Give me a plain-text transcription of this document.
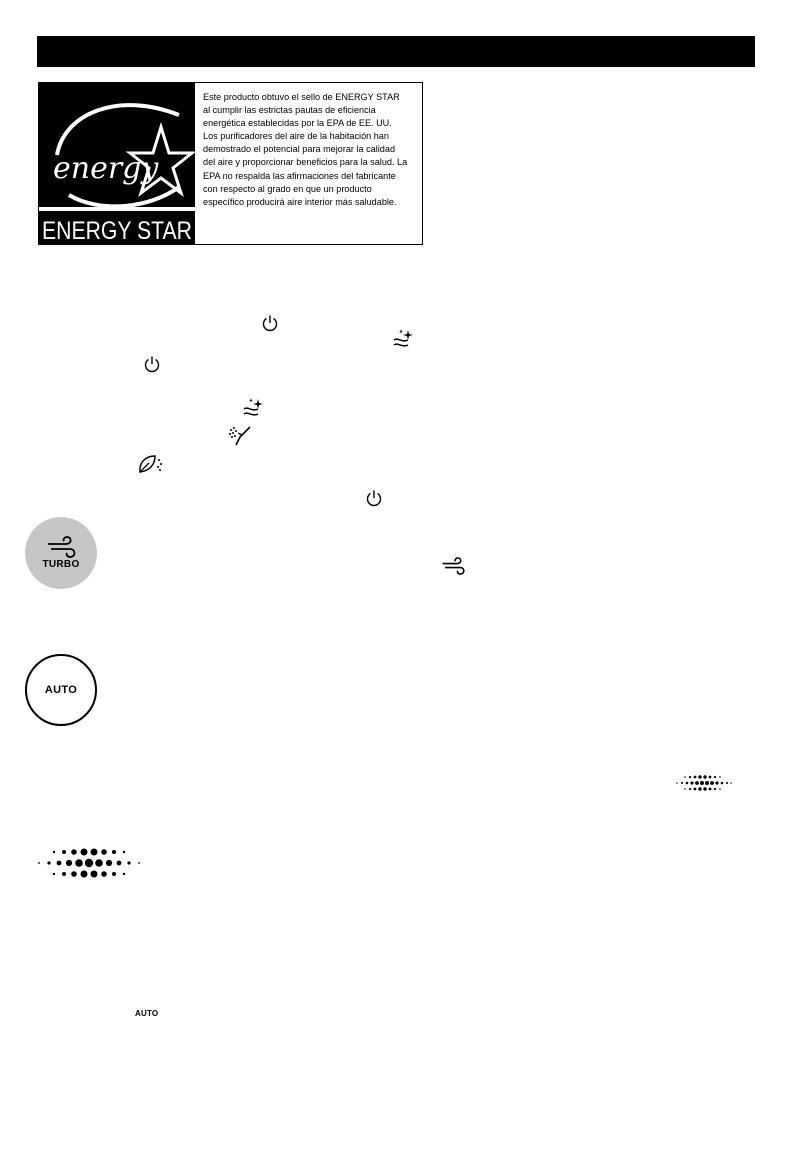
energy
ENERGY STAR
Este producto obtuvo el sello de ENERGY STAR
al cumplir las estrictas pautas de eficiencia
energética establecidas por la EPA de EE. UU.
Los purificadores del aire de la habitación han
demostrado el potencial para mejorar la calidad
del aire y proporcionar beneficios para la salud. La
EPA no respalda las afirmaciones del fabricante
con respecto al grado en que un producto
específico producirá aire interior más saludable.
TURBO
AUTO
AUTO
